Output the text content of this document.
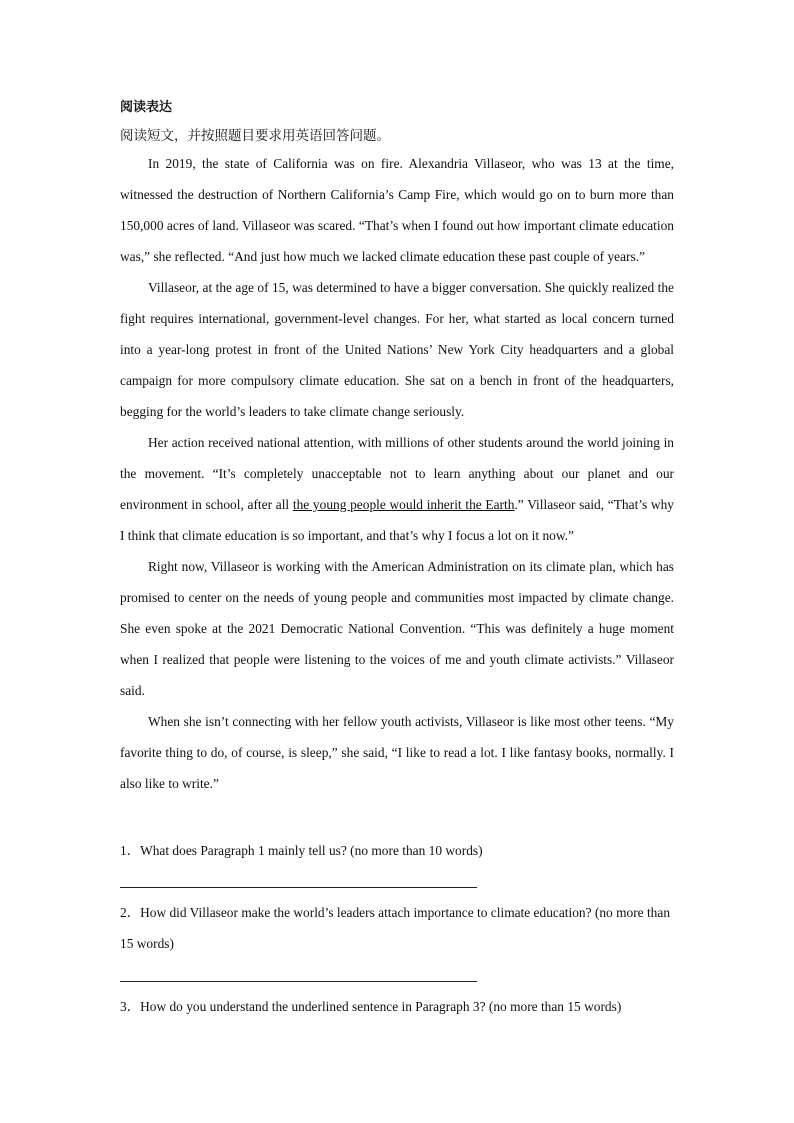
阅读表达
阅读短文，并按照题目要求用英语回答问题。

In 2019, the state of California was on fire. Alexandria Villaseor, who was 13 at the time, witnessed the destruction of Northern California’s Camp Fire, which would go on to burn more than 150,000 acres of land. Villaseor was scared. “That’s when I found out how important climate education was,” she reflected. “And just how much we lacked climate education these past couple of years.”

Villaseor, at the age of 15, was determined to have a bigger conversation. She quickly realized the fight requires international, government-level changes. For her, what started as local concern turned into a year-long protest in front of the United Nations’ New York City headquarters and a global campaign for more compulsory climate education. She sat on a bench in front of the headquarters, begging for the world’s leaders to take climate change seriously.

Her action received national attention, with millions of other students around the world joining in the movement. “It’s completely unacceptable not to learn anything about our planet and our environment in school, after all the young people would inherit the Earth.” Villaseor said, “That’s why I think that climate education is so important, and that’s why I focus a lot on it now.”

Right now, Villaseor is working with the American Administration on its climate plan, which has promised to center on the needs of young people and communities most impacted by climate change. She even spoke at the 2021 Democratic National Convention. “This was definitely a huge moment when I realized that people were listening to the voices of me and youth climate activists.” Villaseor said.

When she isn’t connecting with her fellow youth activists, Villaseor is like most other teens. “My favorite thing to do, of course, is sleep,” she said, “I like to read a lot. I like fantasy books, normally. I also like to write.”

1．What does Paragraph 1 mainly tell us? (no more than 10 words)
2．How did Villaseor make the world’s leaders attach importance to climate education? (no more than 15 words)
3．How do you understand the underlined sentence in Paragraph 3? (no more than 15 words)
